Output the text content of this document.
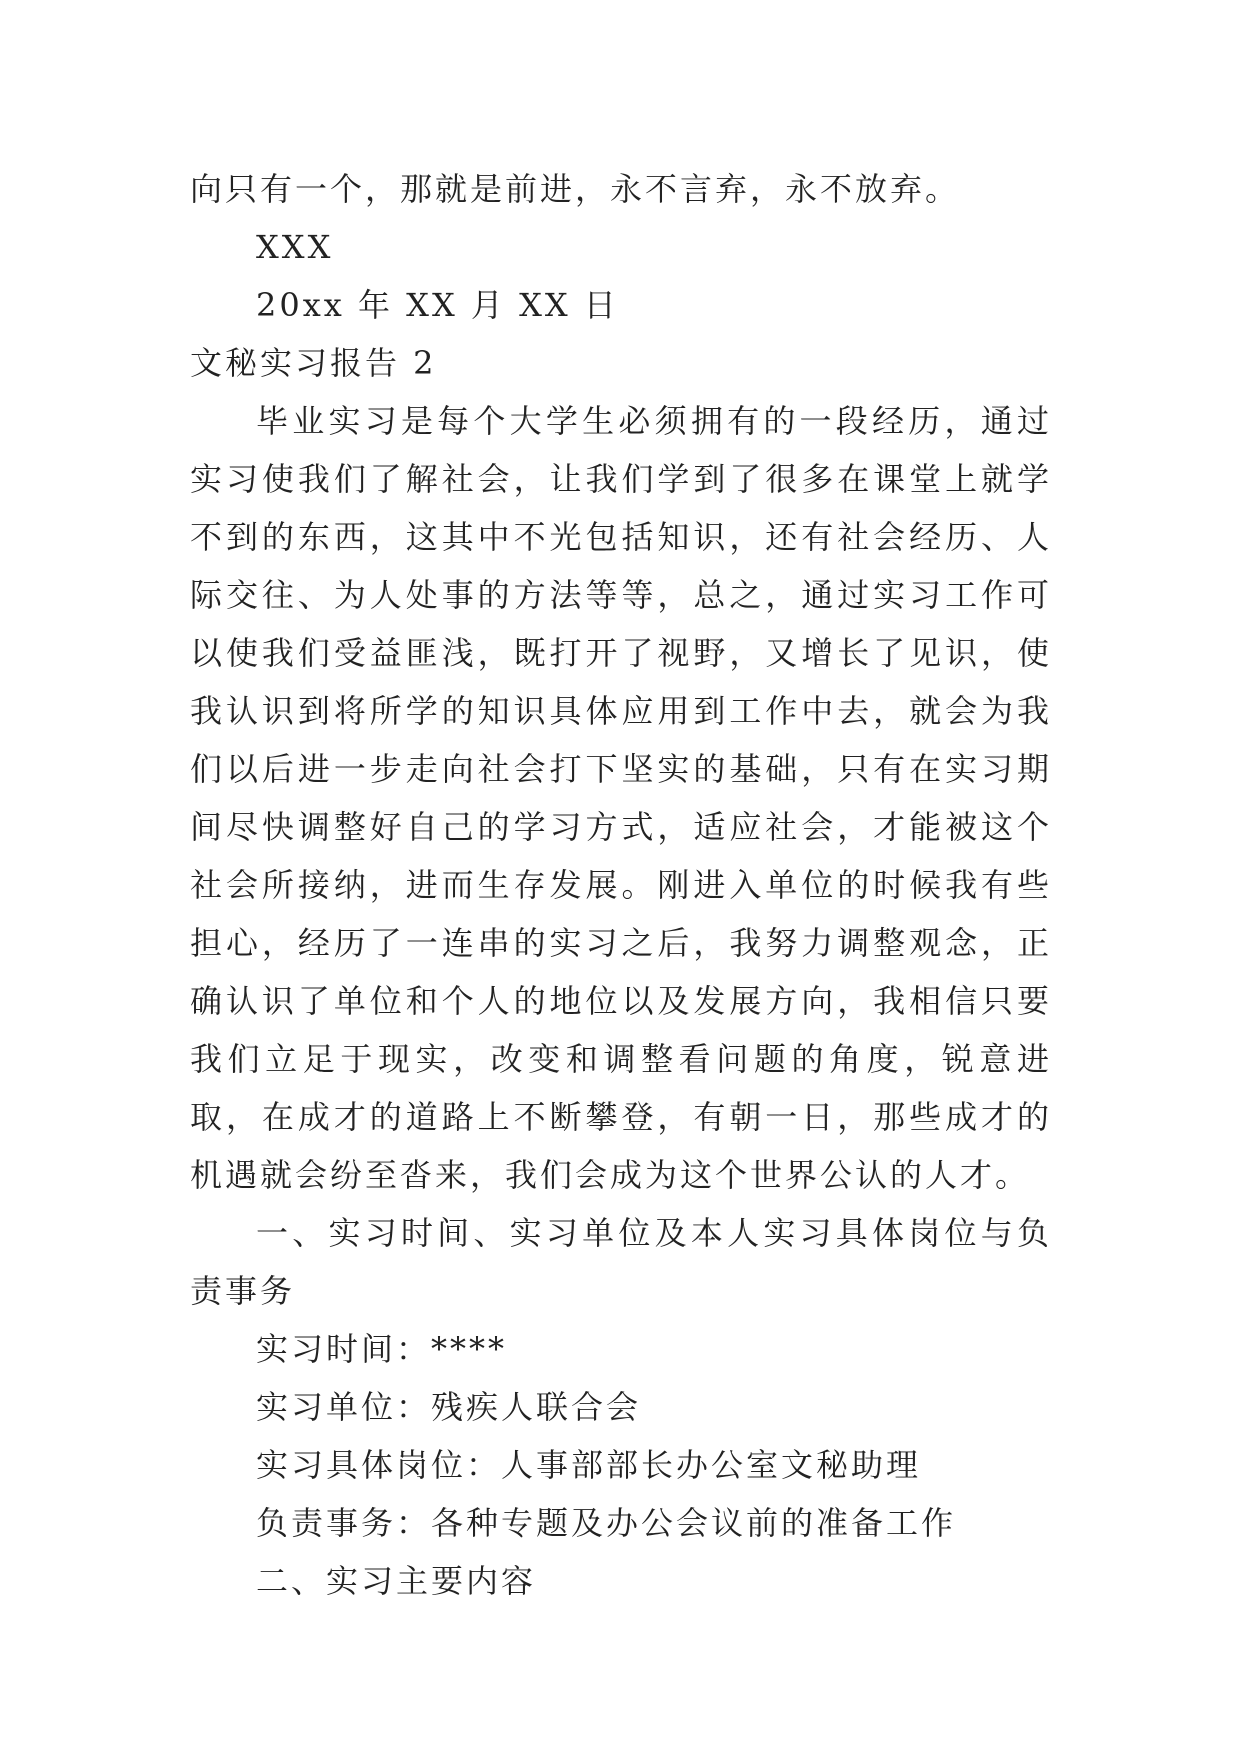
向只有一个，那就是前进，永不言弃，永不放弃。

XXX

20xx 年 XX 月 XX 日

文秘实习报告 2

毕业实习是每个大学生必须拥有的一段经历，通过实习使我们了解社会，让我们学到了很多在课堂上就学不到的东西，这其中不光包括知识，还有社会经历、人际交往、为人处事的方法等等，总之，通过实习工作可以使我们受益匪浅，既打开了视野，又增长了见识，使我认识到将所学的知识具体应用到工作中去，就会为我们以后进一步走向社会打下坚实的基础，只有在实习期间尽快调整好自己的学习方式，适应社会，才能被这个社会所接纳，进而生存发展。刚进入单位的时候我有些担心，经历了一连串的实习之后，我努力调整观念，正确认识了单位和个人的地位以及发展方向，我相信只要我们立足于现实，改变和调整看问题的角度，锐意进取，在成才的道路上不断攀登，有朝一日，那些成才的机遇就会纷至沓来，我们会成为这个世界公认的人才。

一、实习时间、实习单位及本人实习具体岗位与负责事务

实习时间：****

实习单位：残疾人联合会

实习具体岗位：人事部部长办公室文秘助理

负责事务：各种专题及办公会议前的准备工作

二、实习主要内容
